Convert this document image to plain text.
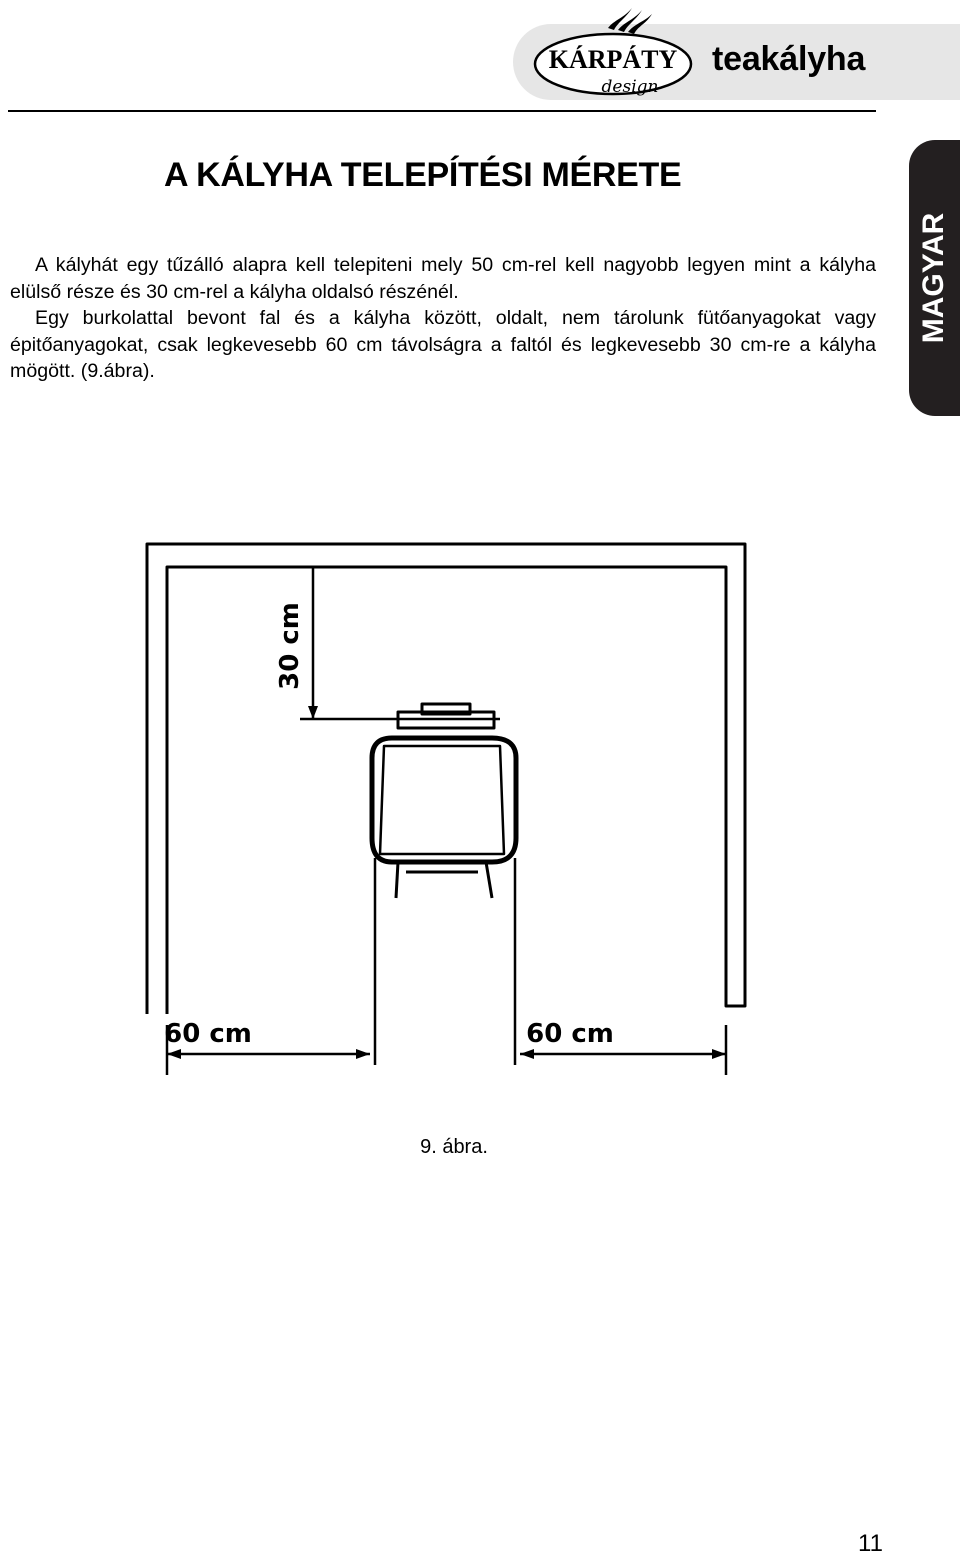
KÁRPÁTY
design
teakályha
A KÁLYHA TELEPÍTÉSI MÉRETE
MAGYAR

A kályhát egy tűzálló alapra kell telepiteni mely 50 cm-rel kell nagyobb legyen mint a kályha elülső része és 30 cm-rel a kályha oldalsó részénél.

Egy burkolattal bevont fal és a kályha között, oldalt, nem tárolunk fütőanyagokat vagy épitőanyagokat, csak legkevesebb 60 cm távolságra a faltól és legkevesebb 30 cm-re a kályha mögött. (9.ábra).

30 cm
60 cm	60 cm
9. ábra.
11
